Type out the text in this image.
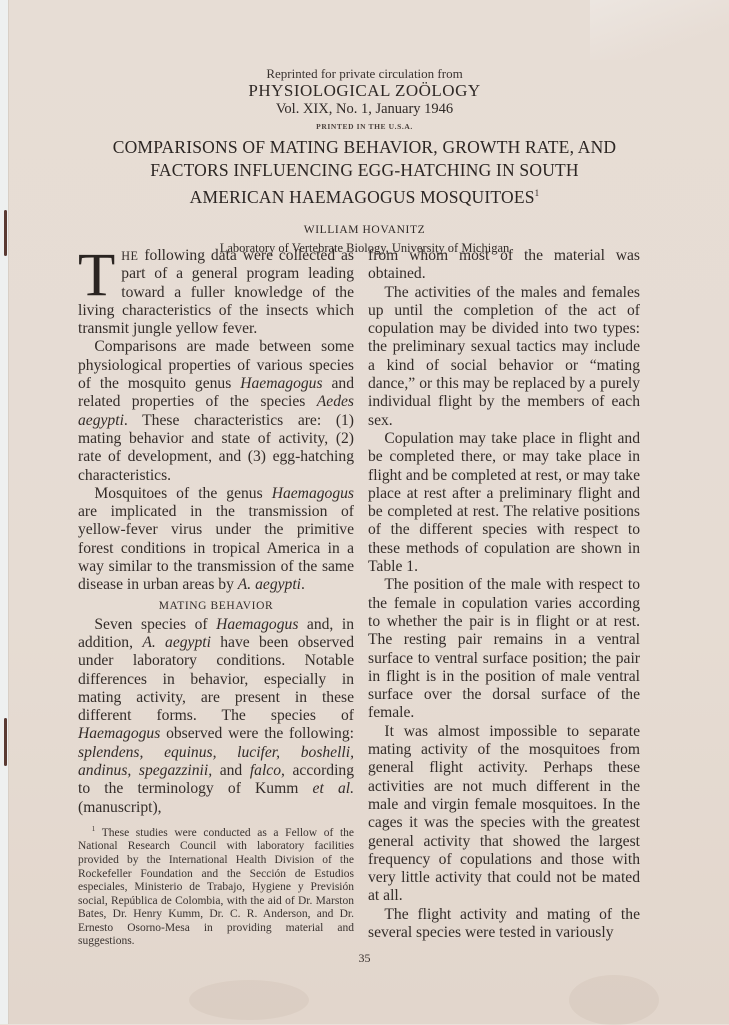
Reprinted for private circulation from
PHYSIOLOGICAL ZOÖLOGY
Vol. XIX, No. 1, January 1946
PRINTED IN THE U.S.A.
COMPARISONS OF MATING BEHAVIOR, GROWTH RATE, AND
FACTORS INFLUENCING EGG-HATCHING IN SOUTH
AMERICAN HAEMAGOGUS MOSQUITOES$^1$
WILLIAM HOVANITZ
Laboratory of Vertebrate Biology, University of Michigan

THE following data were collected as part of a general program leading toward a fuller knowledge of the living characteristics of the insects which transmit jungle yellow fever.

Comparisons are made between some physiological properties of various species of the mosquito genus Haemagogus and related properties of the species Aedes aegypti. These characteristics are: (1) mating behavior and state of activity, (2) rate of development, and (3) egg-hatching characteristics.

Mosquitoes of the genus Haemagogus are implicated in the transmission of yellow-fever virus under the primitive forest conditions in tropical America in a way similar to the transmission of the same disease in urban areas by A. aegypti.

MATING BEHAVIOR

Seven species of Haemagogus and, in addition, A. aegypti have been observed under laboratory conditions. Notable differences in behavior, especially in mating activity, are present in these different forms. The species of Haemagogus observed were the following: splendens, equinus, lucifer, boshelli, andinus, spegazzinii, and falco, according to the terminology of Kumm et al. (manuscript),

$^1$ These studies were conducted as a Fellow of the National Research Council with laboratory facilities provided by the International Health Division of the Rockefeller Foundation and the Sección de Estudios especiales, Ministerio de Trabajo, Hygiene y Previsión social, República de Colombia, with the aid of Dr. Marston Bates, Dr. Henry Kumm, Dr. C. R. Anderson, and Dr. Ernesto Osorno-Mesa in providing material and suggestions.

from whom most of the material was obtained.

The activities of the males and females up until the completion of the act of copulation may be divided into two types: the preliminary sexual tactics may include a kind of social behavior or “mating dance,” or this may be replaced by a purely individual flight by the members of each sex.

Copulation may take place in flight and be completed there, or may take place in flight and be completed at rest, or may take place at rest after a preliminary flight and be completed at rest. The relative positions of the different species with respect to these methods of copulation are shown in Table 1.

The position of the male with respect to the female in copulation varies according to whether the pair is in flight or at rest. The resting pair remains in a ventral surface to ventral surface position; the pair in flight is in the position of male ventral surface over the dorsal surface of the female.

It was almost impossible to separate mating activity of the mosquitoes from general flight activity. Perhaps these activities are not much different in the male and virgin female mosquitoes. In the cages it was the species with the greatest general activity that showed the largest frequency of copulations and those with very little activity that could not be mated at all.

The flight activity and mating of the several species were tested in variously

35
